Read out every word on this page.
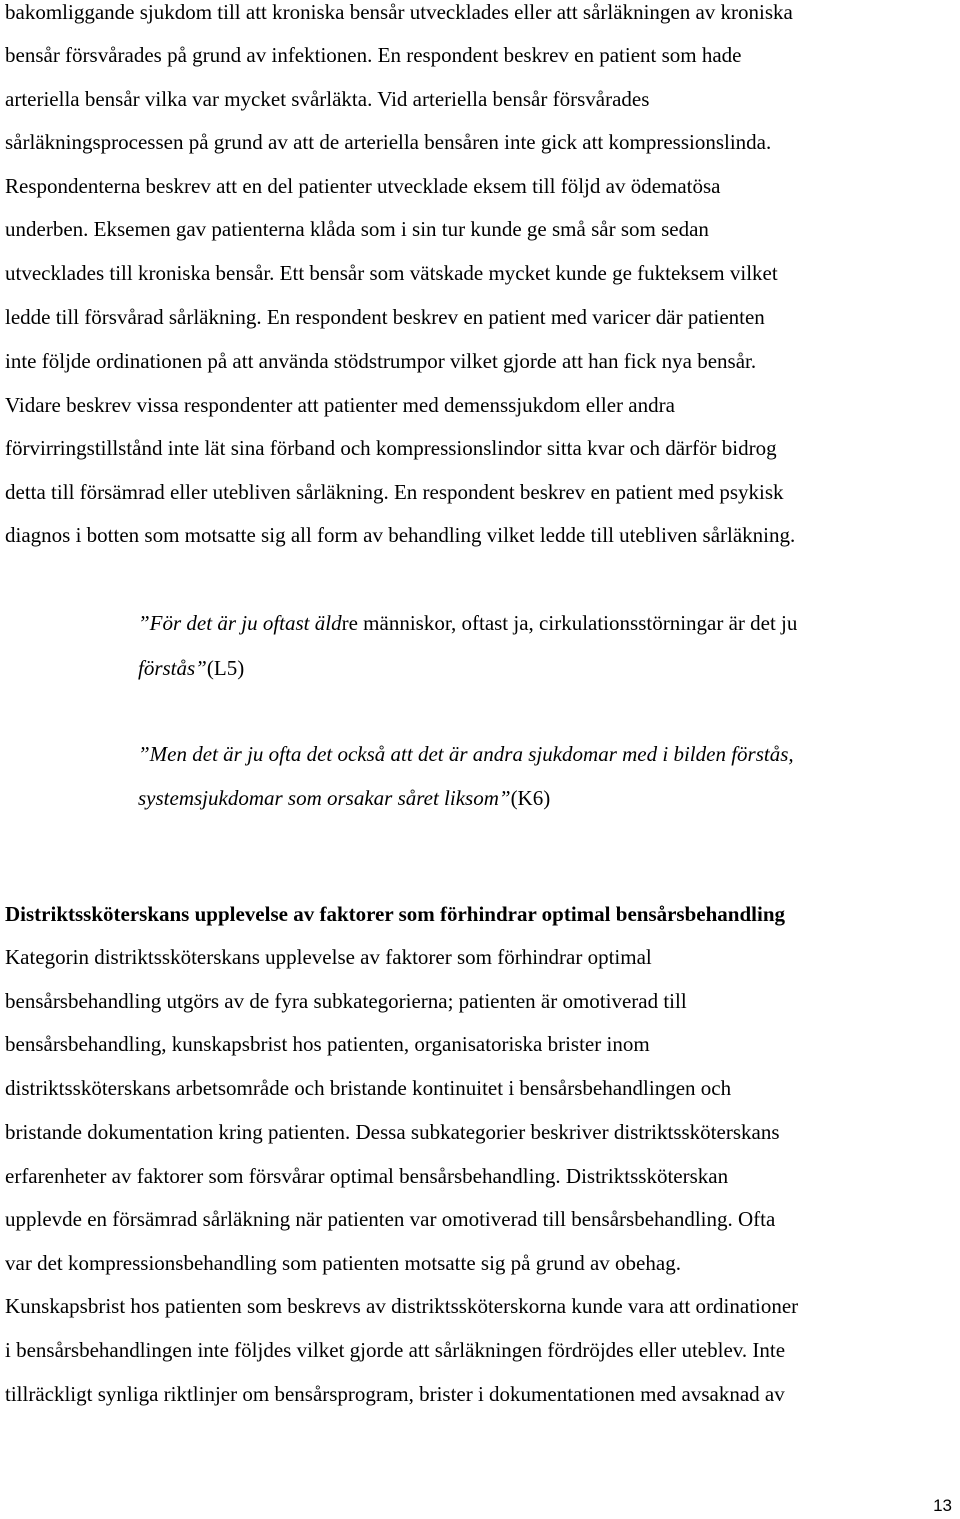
bakomliggande sjukdom till att kroniska bensår utvecklades eller att sårläkningen av kroniska

bensår försvårades på grund av infektionen. En respondent beskrev en patient som hade

arteriella bensår vilka var mycket svårläkta. Vid arteriella bensår försvårades

sårläkningsprocessen på grund av att de arteriella bensåren inte gick att kompressionslinda.

Respondenterna beskrev att en del patienter utvecklade eksem till följd av ödematösa

underben. Eksemen gav patienterna klåda som i sin tur kunde ge små sår som sedan

utvecklades till kroniska bensår. Ett bensår som vätskade mycket kunde ge fukteksem vilket

ledde till försvårad sårläkning. En respondent beskrev en patient med varicer där patienten

inte följde ordinationen på att använda stödstrumpor vilket gjorde att han fick nya bensår.

Vidare beskrev vissa respondenter att patienter med demenssjukdom eller andra

förvirringstillstånd inte lät sina förband och kompressionslindor sitta kvar och därför bidrog

detta till försämrad eller utebliven sårläkning. En respondent beskrev en patient med psykisk

diagnos i botten som motsatte sig all form av behandling vilket ledde till utebliven sårläkning.

”För det är ju oftast äldre människor, oftast ja, cirkulationsstörningar är det ju

förstås”(L5)

”Men det är ju ofta det också att det är andra sjukdomar med i bilden förstås,

systemsjukdomar som orsakar såret liksom”(K6)

Distriktssköterskans upplevelse av faktorer som förhindrar optimal bensårsbehandling

Kategorin distriktssköterskans upplevelse av faktorer som förhindrar optimal

bensårsbehandling utgörs av de fyra subkategorierna; patienten är omotiverad till

bensårsbehandling, kunskapsbrist hos patienten, organisatoriska brister inom

distriktssköterskans arbetsområde och bristande kontinuitet i bensårsbehandlingen och

bristande dokumentation kring patienten. Dessa subkategorier beskriver distriktssköterskans

erfarenheter av faktorer som försvårar optimal bensårsbehandling. Distriktssköterskan

upplevde en försämrad sårläkning när patienten var omotiverad till bensårsbehandling. Ofta

var det kompressionsbehandling som patienten motsatte sig på grund av obehag.

Kunskapsbrist hos patienten som beskrevs av distriktssköterskorna kunde vara att ordinationer

i bensårsbehandlingen inte följdes vilket gjorde att sårläkningen fördröjdes eller uteblev. Inte

tillräckligt synliga riktlinjer om bensårsprogram, brister i dokumentationen med avsaknad av

13
